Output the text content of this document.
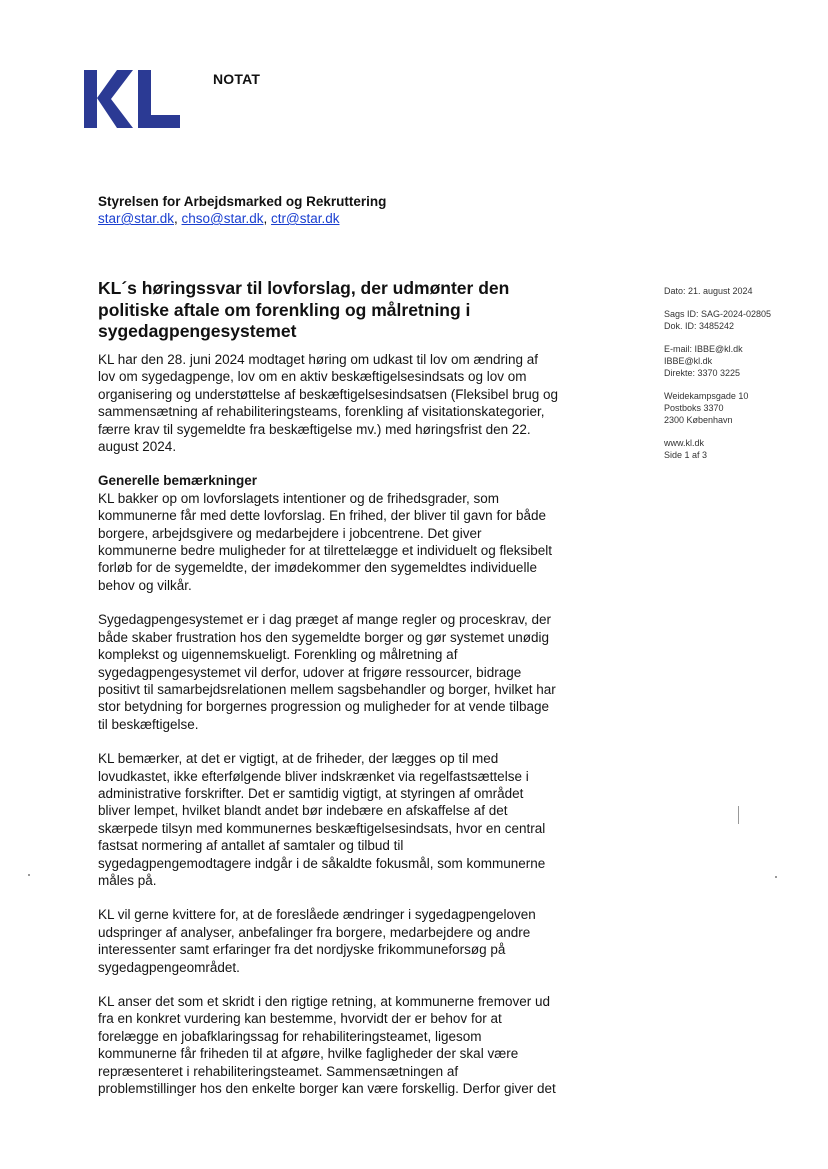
NOTAT
Styrelsen for Arbejdsmarked og Rekruttering
star@star.dk, chso@star.dk, ctr@star.dk
KL´s høringssvar til lovforslag, der udmønter den politiske aftale om forenkling og målretning i sygedagpengesystemet
Dato: 21. august 2024
Sags ID: SAG-2024-02805
Dok. ID: 3485242
E-mail: IBBE@kl.dk
IBBE@kl.dk
Direkte: 3370 3225
Weidekampsgade 10
Postboks 3370
2300 København
www.kl.dk
Side 1 af 3

KL har den 28. juni 2024 modtaget høring om udkast til lov om ændring af lov om sygedagpenge, lov om en aktiv beskæftigelsesindsats og lov om organisering og understøttelse af beskæftigelsesindsatsen (Fleksibel brug og sammensætning af rehabiliteringsteams, forenkling af visitationskategorier, færre krav til sygemeldte fra beskæftigelse mv.) med høringsfrist den 22. august 2024.

Generelle bemærkninger

KL bakker op om lovforslagets intentioner og de frihedsgrader, som kommunerne får med dette lovforslag. En frihed, der bliver til gavn for både borgere, arbejdsgivere og medarbejdere i jobcentrene. Det giver kommunerne bedre muligheder for at tilrettelægge et individuelt og fleksibelt forløb for de sygemeldte, der imødekommer den sygemeldtes individuelle behov og vilkår.

Sygedagpengesystemet er i dag præget af mange regler og proceskrav, der både skaber frustration hos den sygemeldte borger og gør systemet unødig komplekst og uigennemskueligt. Forenkling og målretning af sygedagpengesystemet vil derfor, udover at frigøre ressourcer, bidrage positivt til samarbejdsrelationen mellem sagsbehandler og borger, hvilket har stor betydning for borgernes progression og muligheder for at vende tilbage til beskæftigelse.

KL bemærker, at det er vigtigt, at de friheder, der lægges op til med lovudkastet, ikke efterfølgende bliver indskrænket via regelfastsættelse i administrative forskrifter. Det er samtidig vigtigt, at styringen af området bliver lempet, hvilket blandt andet bør indebære en afskaffelse af det skærpede tilsyn med kommunernes beskæftigelsesindsats, hvor en central fastsat normering af antallet af samtaler og tilbud til sygedagpengemodtagere indgår i de såkaldte fokusmål, som kommunerne måles på.

KL vil gerne kvittere for, at de foreslåede ændringer i sygedagpengeloven udspringer af analyser, anbefalinger fra borgere, medarbejdere og andre interessenter samt erfaringer fra det nordjyske frikommuneforsøg på sygedagpengeområdet.

KL anser det som et skridt i den rigtige retning, at kommunerne fremover ud fra en konkret vurdering kan bestemme, hvorvidt der er behov for at forelægge en jobafklaringssag for rehabiliteringsteamet, ligesom kommunerne får friheden til at afgøre, hvilke fagligheder der skal være repræsenteret i rehabiliteringsteamet. Sammensætningen af problemstillinger hos den enkelte borger kan være forskellig. Derfor giver det
